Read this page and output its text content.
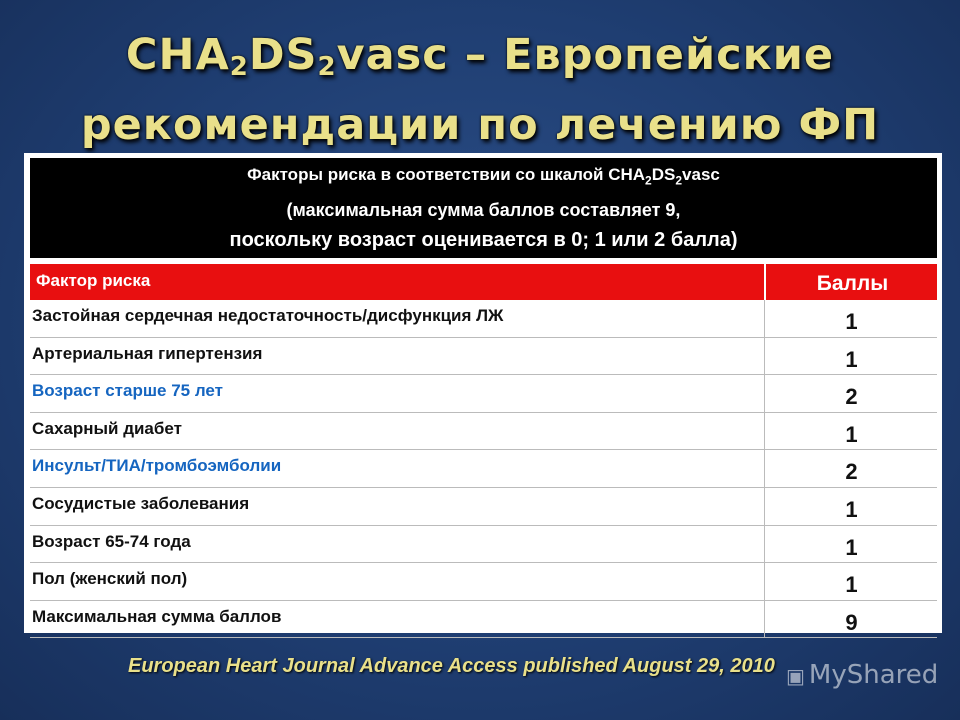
$CHA_2DS_2vasc$ – Европейские
рекомендации по лечению ФП
Факторы риска в соответствии со шкалой $CHA_2DS_2vasc$
(максимальная сумма баллов составляет 9,
поскольку возраст оценивается в 0; 1 или 2 балла)
Фактор риска	Баллы
Застойная сердечная недостаточность/дисфункция ЛЖ	1
Артериальная гипертензия	1
Возраст старше 75 лет	2
Сахарный диабет	1
Инсульт/ТИА/тромбоэмболии	2
Сосудистые заболевания	1
Возраст 65-74 года	1
Пол (женский пол)	1
Максимальная сумма баллов	9
European Heart Journal Advance Access published August 29, 2010 ▣ MyShared
